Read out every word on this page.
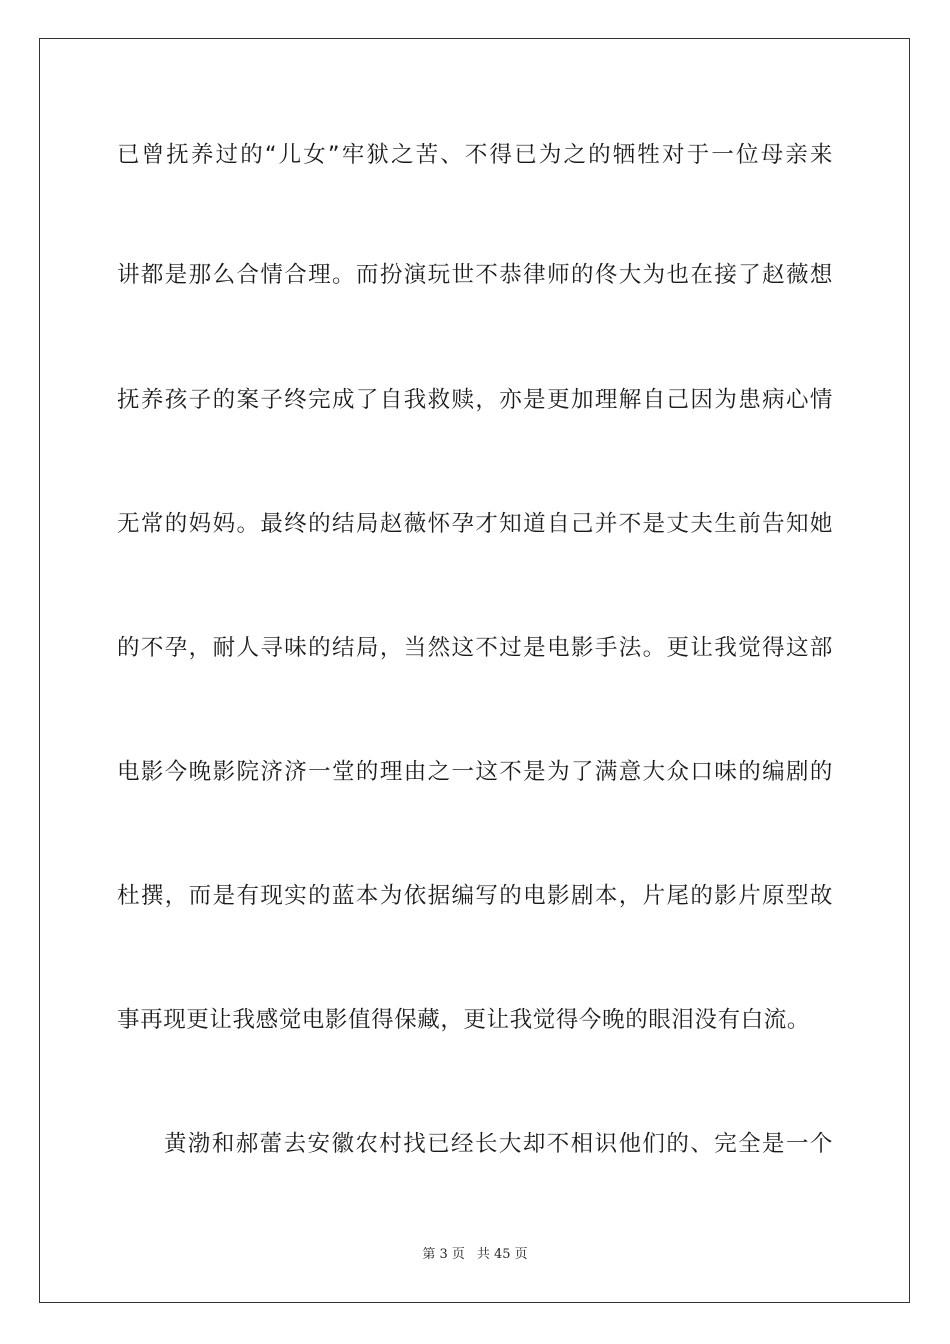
已曾抚养过的“儿女”牢狱之苦、不得已为之的牺牲对于一位母亲来
讲都是那么合情合理。而扮演玩世不恭律师的佟大为也在接了赵薇想
抚养孩子的案子终完成了自我救赎，亦是更加理解自己因为患病心情
无常的妈妈。最终的结局赵薇怀孕才知道自己并不是丈夫生前告知她
的不孕，耐人寻味的结局，当然这不过是电影手法。更让我觉得这部
电影今晚影院济济一堂的理由之一这不是为了满意大众口味的编剧的
杜撰，而是有现实的蓝本为依据编写的电影剧本，片尾的影片原型故
事再现更让我感觉电影值得保藏，更让我觉得今晚的眼泪没有白流。
黄渤和郝蕾去安徽农村找已经长大却不相识他们的、完全是一个
第 3 页 共 45 页
